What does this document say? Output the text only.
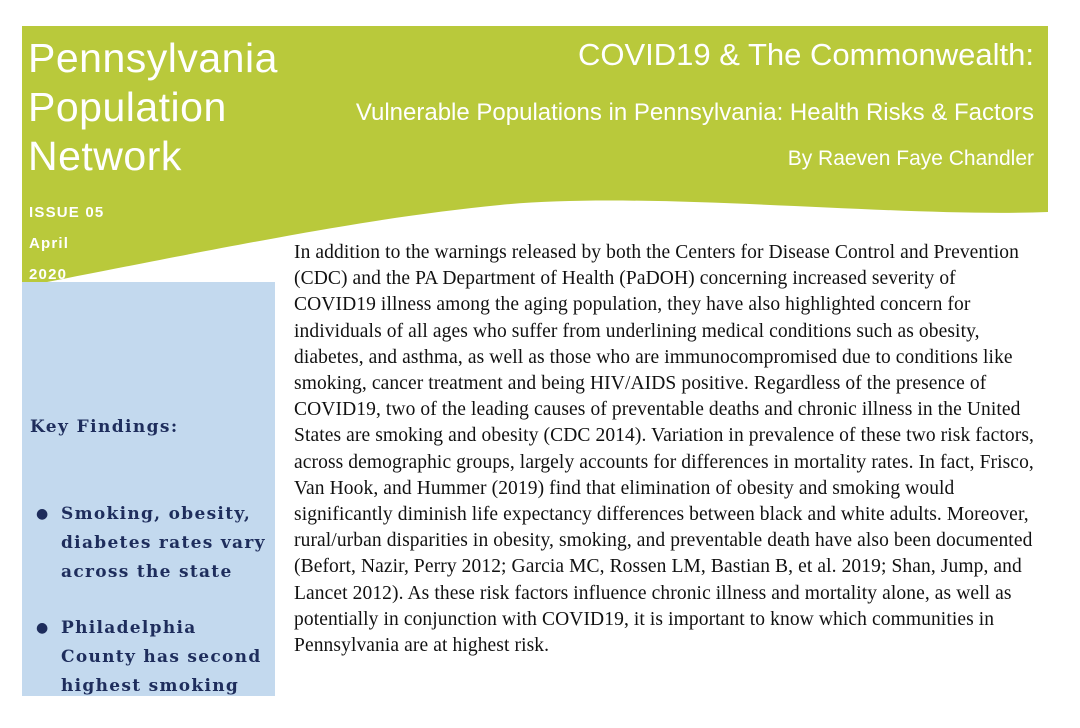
Pennsylvania
Population
Network
ISSUE 05
April
2020
COVID19 & The Commonwealth:
Vulnerable Populations in Pennsylvania: Health Risks & Factors
By Raeven Faye Chandler
Key Findings:
● Smoking, obesity, diabetes rates vary across the state
● Philadelphia County has second highest smoking

In addition to the warnings released by both the Centers for Disease Control and Prevention (CDC) and the PA Department of Health (PaDOH) concerning increased severity of COVID19 illness among the aging population, they have also highlighted concern for individuals of all ages who suffer from underlining medical conditions such as obesity, diabetes, and asthma, as well as those who are immunocompromised due to conditions like smoking, cancer treatment and being HIV/AIDS positive. Regardless of the presence of COVID19, two of the leading causes of preventable deaths and chronic illness in the United States are smoking and obesity (CDC 2014). Variation in prevalence of these two risk factors, across demographic groups, largely accounts for differences in mortality rates. In fact, Frisco, Van Hook, and Hummer (2019) find that elimination of obesity and smoking would significantly diminish life expectancy differences between black and white adults. Moreover, rural/urban disparities in obesity, smoking, and preventable death have also been documented (Befort, Nazir, Perry 2012; Garcia MC, Rossen LM, Bastian B, et al. 2019; Shan, Jump, and Lancet 2012). As these risk factors influence chronic illness and mortality alone, as well as potentially in conjunction with COVID19, it is important to know which communities in Pennsylvania are at highest risk.
